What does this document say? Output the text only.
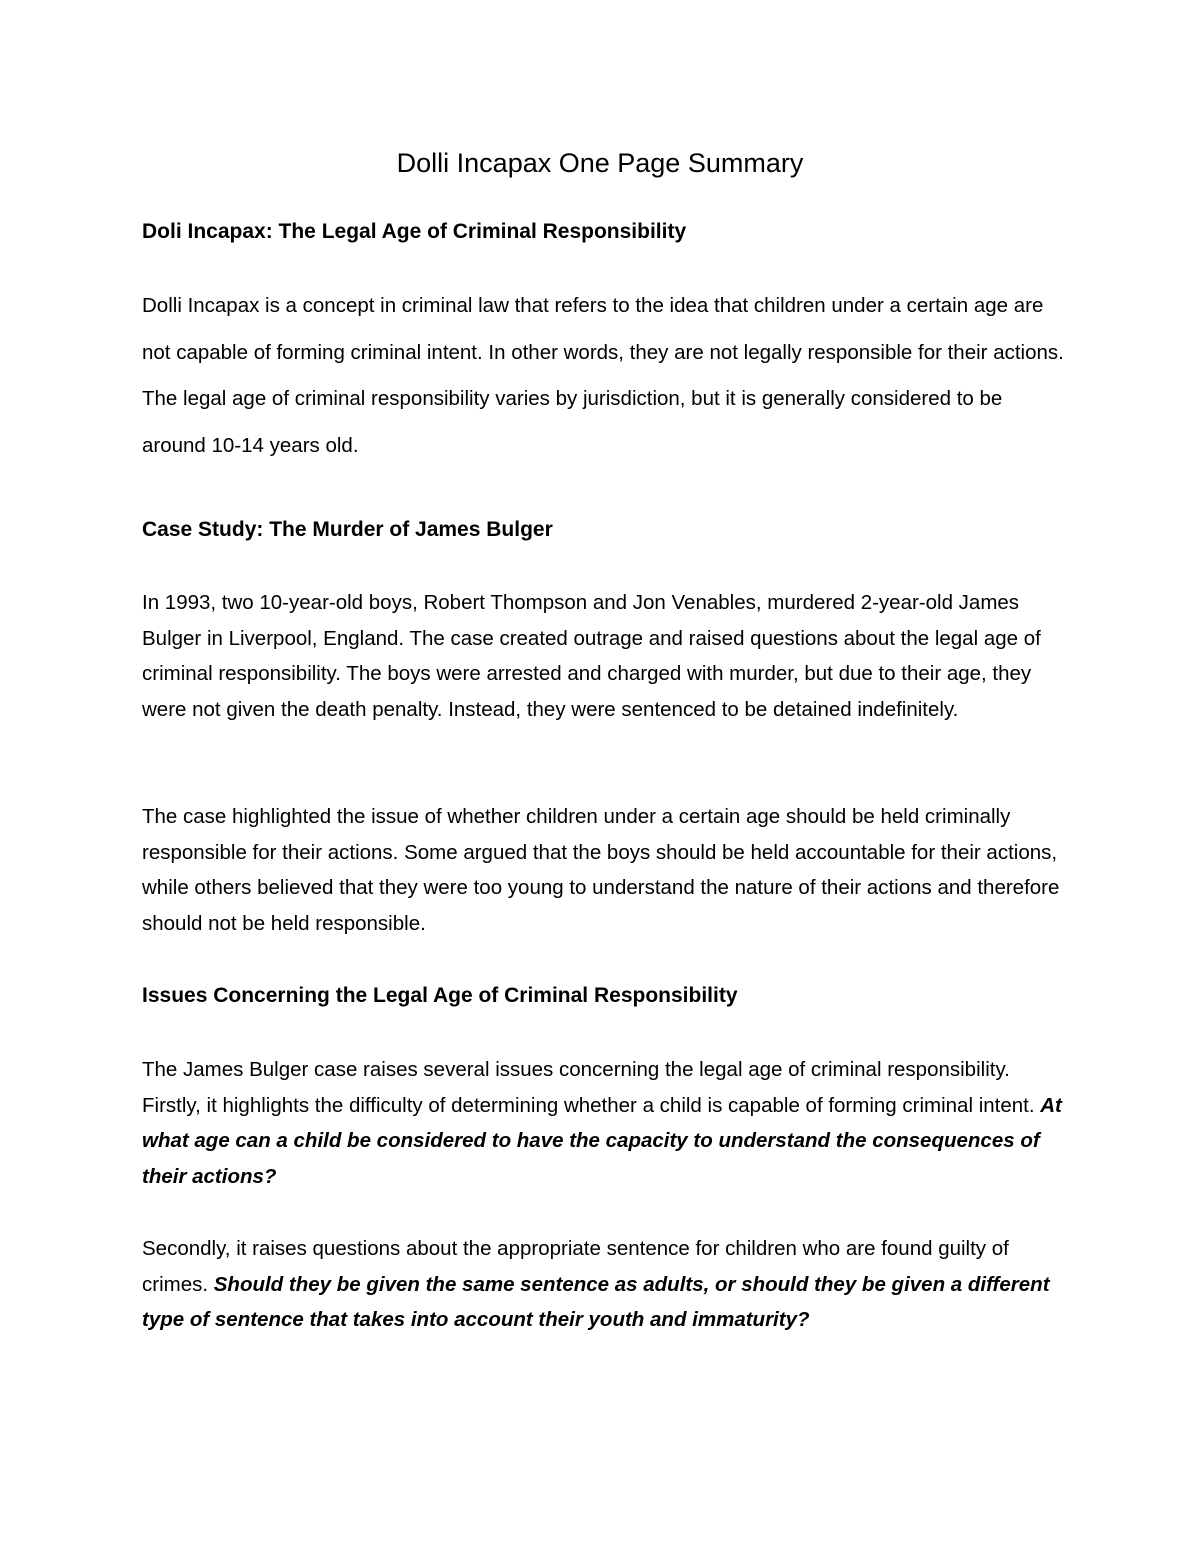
Dolli Incapax One Page Summary
Doli Incapax: The Legal Age of Criminal Responsibility

Dolli Incapax is a concept in criminal law that refers to the idea that children under a certain age are not capable of forming criminal intent. In other words, they are not legally responsible for their actions. The legal age of criminal responsibility varies by jurisdiction, but it is generally considered to be around 10-14 years old.

Case Study: The Murder of James Bulger

In 1993, two 10-year-old boys, Robert Thompson and Jon Venables, murdered 2-year-old James Bulger in Liverpool, England. The case created outrage and raised questions about the legal age of criminal responsibility. The boys were arrested and charged with murder, but due to their age, they were not given the death penalty. Instead, they were sentenced to be detained indefinitely.

The case highlighted the issue of whether children under a certain age should be held criminally responsible for their actions. Some argued that the boys should be held accountable for their actions, while others believed that they were too young to understand the nature of their actions and therefore should not be held responsible.

Issues Concerning the Legal Age of Criminal Responsibility

The James Bulger case raises several issues concerning the legal age of criminal responsibility. Firstly, it highlights the difficulty of determining whether a child is capable of forming criminal intent. At what age can a child be considered to have the capacity to understand the consequences of their actions?

Secondly, it raises questions about the appropriate sentence for children who are found guilty of crimes. Should they be given the same sentence as adults, or should they be given a different type of sentence that takes into account their youth and immaturity?
